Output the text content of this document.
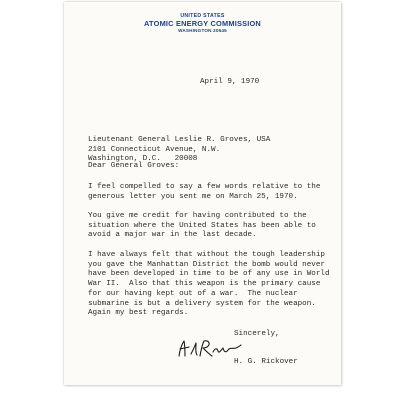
UNITED STATES
ATOMIC ENERGY COMMISSION
WASHINGTON 20545
April 9, 1970
Lieutenant General Leslie R. Groves, USA
2101 Connecticut Avenue, N.W.
Washington, D.C.   20008
Dear General Groves:
I feel compelled to say a few words relative to the
generous letter you sent me on March 25, 1970.
You give me credit for having contributed to the
situation where the United States has been able to
avoid a major war in the last decade.
I have always felt that without the tough leadership
you gave the Manhattan District the bomb would never
have been developed in time to be of any use in World
War II.  Also that this weapon is the primary cause
for our having kept out of a war.  The nuclear
submarine is but a delivery system for the weapon.
Again my best regards.
Sincerely,
H. G. Rickover
